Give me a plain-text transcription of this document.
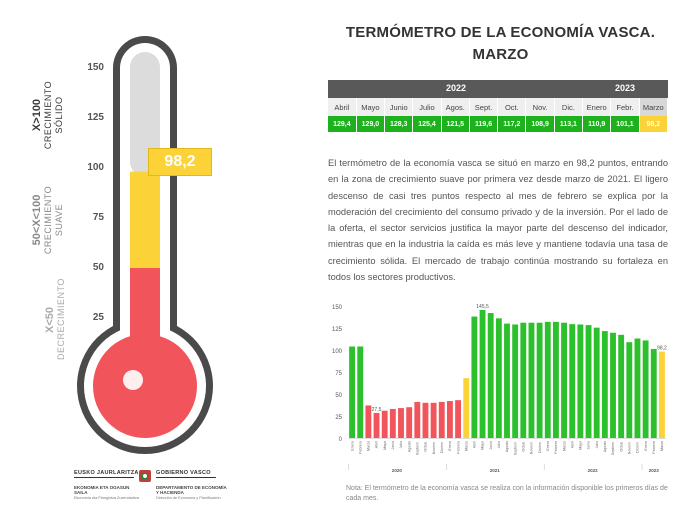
X>100 CRECIMIENTO SÓLIDO
50<X<100 CRECIMIENTO SUAVE
X<50 DECRECIMIENTO
150
125
100
75
50
25
98,2
TERMÓMETRO DE LA ECONOMÍA VASCA.
MARZO
2022	2023
Abril	Mayo	Junio	Julio	Agos.	Sept.	Oct.	Nov.	Dic.	Enero	Febr.	Marzo
129,4	129,0	128,3	125,4	121,5	119,6	117,2	108,9	113,1	110,9	101,1	98,2
El termómetro de la economía vasca se situó en marzo en 98,2 puntos, entrando en la zona de crecimiento suave por primera vez desde marzo de 2021. El ligero descenso de casi tres puntos respecto al mes de febrero se explica por la moderación del crecimiento del consumo privado y de la inversión. Por el lado de la oferta, el sector servicios justifica la mayor parte del descenso del indicador, mientras que en la industria la caída es más leve y mantiene todavía una tasa de crecimiento sólida. El mercado de trabajo continúa mostrando su fortaleza en todos los sectores productivos.
0
25
50
75
100
125
150
Enero Febrero Marzo Abril Mayo Junio Julio Agosto Septiem. Octub. Noviem. Diciem. Enero Febrero Marzo Abril Mayo Junio Julio Agosto Septiem. Octub. Noviem. Diciem. Enero Febrero Marzo Abril Mayo Junio Julio Agosto Septiem. Octub. Noviem. Diciem. Enero Febrero Marzo
27,5
145,5
98,2
2020	2021	2022	2023
Nota: El termómetro de la economía vasca se realiza con la información disponible los primeros días de cada mes.
EUSKO JAURLARITZA	GOBIERNO VASCO
EKONOMIA ETA OGASUN
SAILA
Ekonomia eta Plangintza Zuzendaritza
DEPARTAMENTO DE ECONOMÍA
Y HACIENDA
Dirección de Economía y Planificación
